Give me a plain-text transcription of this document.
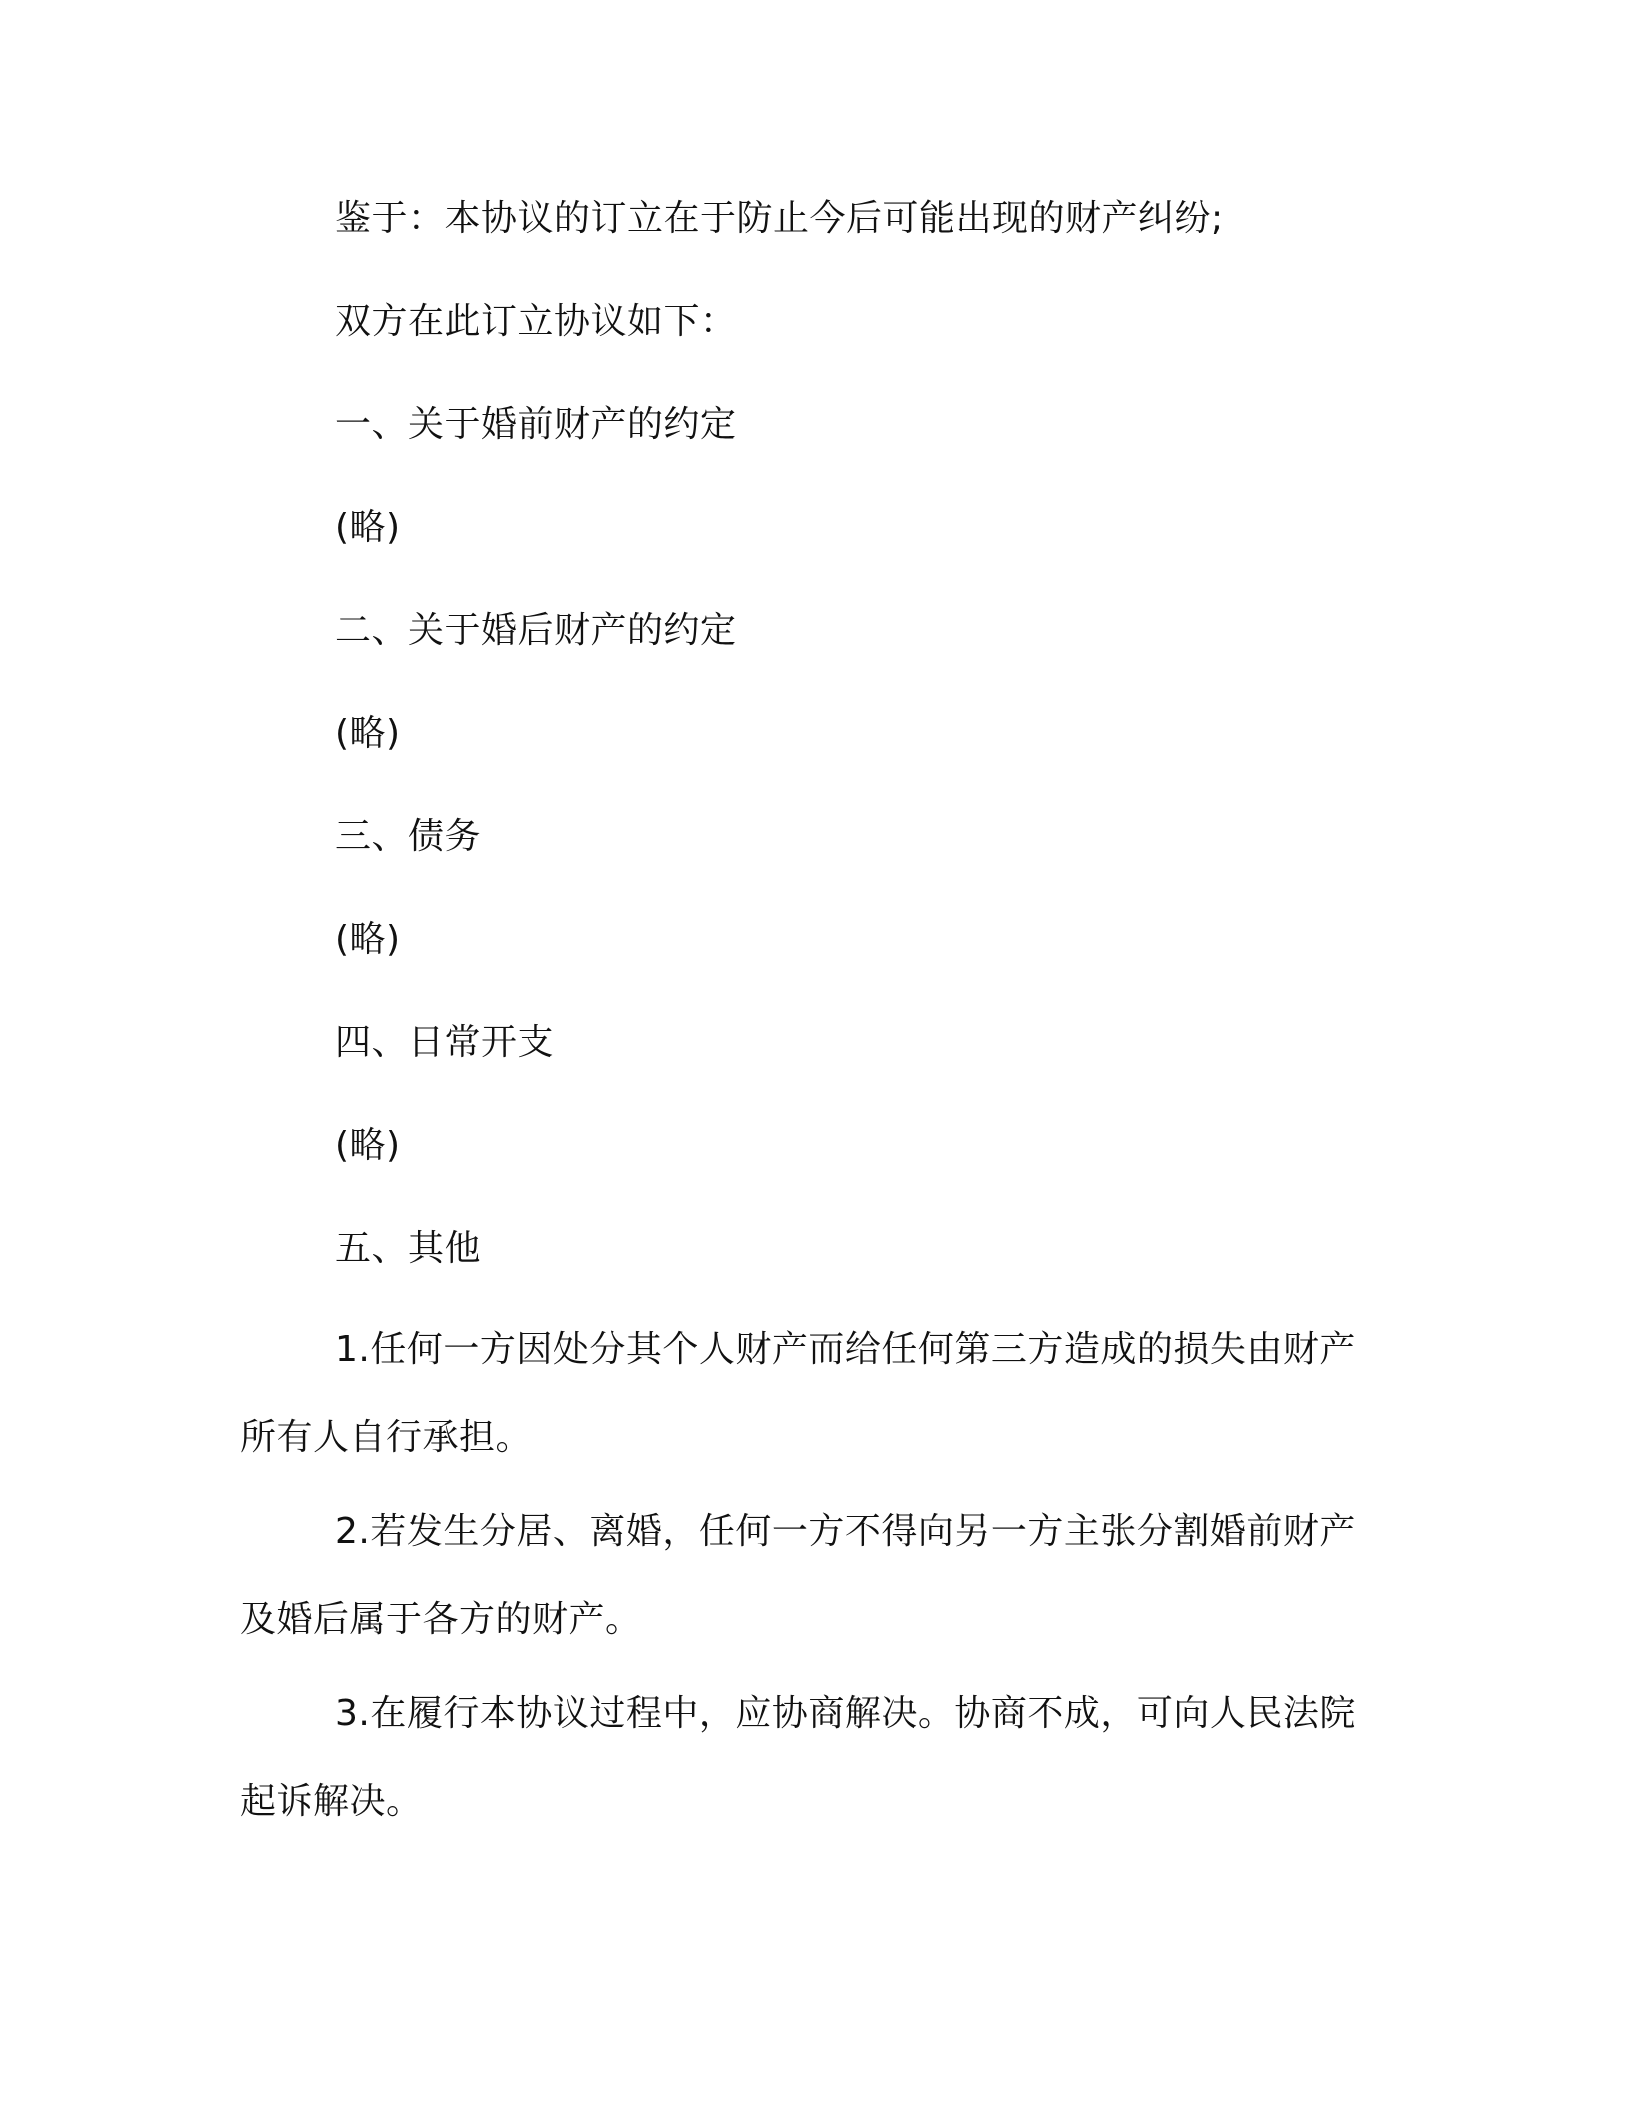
鉴于：本协议的订立在于防止今后可能出现的财产纠纷;

双方在此订立协议如下：

一、关于婚前财产的约定

(略)

二、关于婚后财产的约定

(略)

三、债务

(略)

四、日常开支

(略)

五、其他

1.任何一方因处分其个人财产而给任何第三方造成的损失由财产所有人自行承担。

2.若发生分居、离婚，任何一方不得向另一方主张分割婚前财产及婚后属于各方的财产。

3.在履行本协议过程中，应协商解决。协商不成，可向人民法院起诉解决。
